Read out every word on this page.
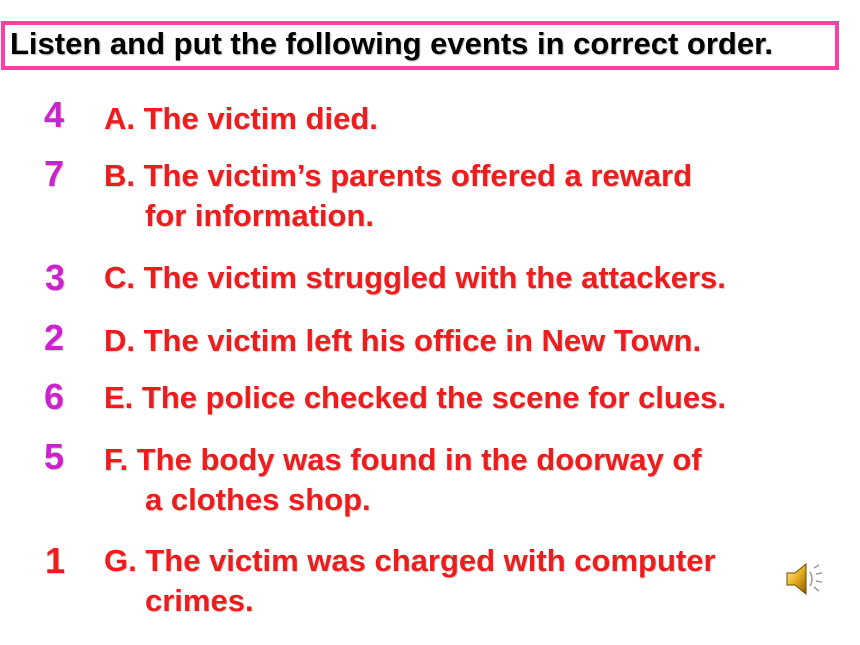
Listen and put the following events in correct order.
4
7
3
2
6
5
1
A. The victim died.
B. The victim’s parents offered a reward
for information.
C. The victim struggled with the attackers.
D. The victim left his office in New Town.
E. The police checked the scene for clues.
F. The body was found in the doorway of
a clothes shop.
G. The victim was charged with computer
crimes.
